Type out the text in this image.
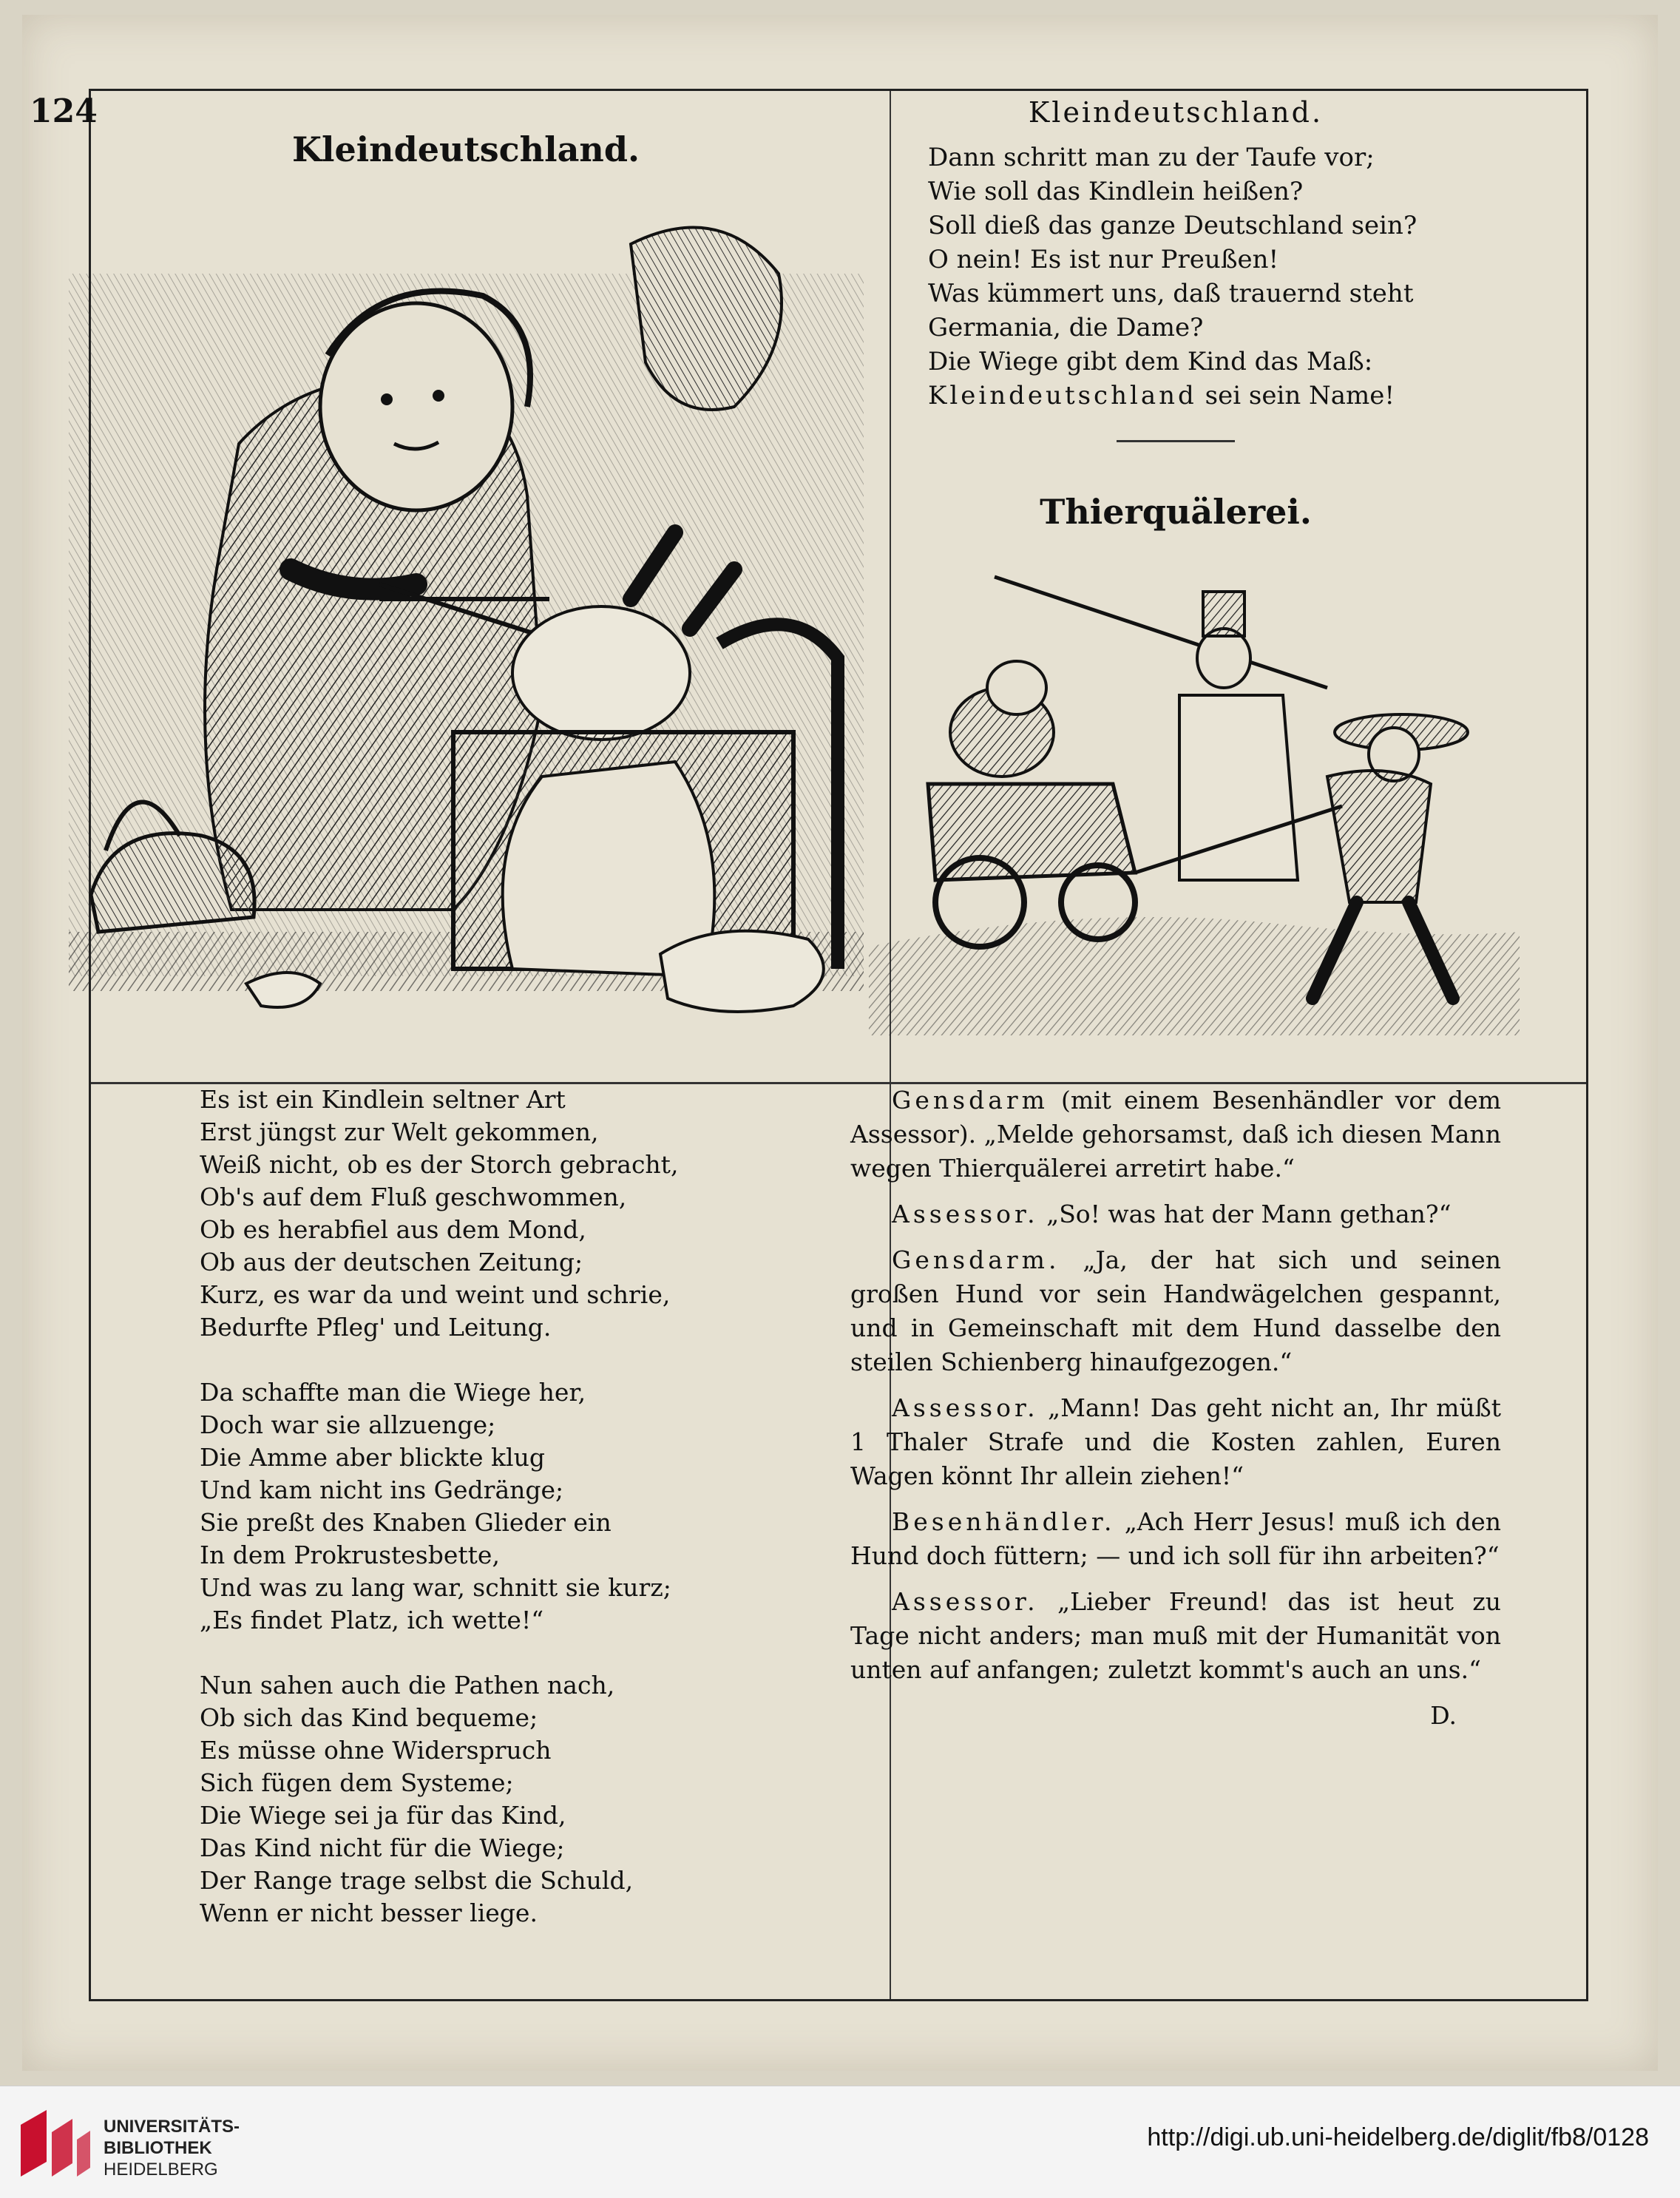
124	Kleindeutschland.
Kleindeutschland.	Dann schritt man zu der Taufe vor;
Wie soll das Kindlein heißen?
Soll dieß das ganze Deutschland sein?
O nein! Es ist nur Preußen!
Was kümmert uns, daß trauernd steht
Germania, die Dame?
Die Wiege gibt dem Kind das Maß:
Kleindeutschland sei sein Name!
Thierquälerei.
Es ist ein Kindlein seltner Art
Erst jüngst zur Welt gekommen,
Weiß nicht, ob es der Storch gebracht,
Ob's auf dem Fluß geschwommen,
Ob es herabfiel aus dem Mond,
Ob aus der deutschen Zeitung;
Kurz, es war da und weint und schrie,
Bedurfte Pfleg' und Leitung.
Da schaffte man die Wiege her,
Doch war sie allzuenge;
Die Amme aber blickte klug
Und kam nicht ins Gedränge;
Sie preßt des Knaben Glieder ein
In dem Prokrustesbette,
Und was zu lang war, schnitt sie kurz;
„Es findet Platz, ich wette!“
Nun sahen auch die Pathen nach,
Ob sich das Kind bequeme;
Es müsse ohne Widerspruch
Sich fügen dem Systeme;
Die Wiege sei ja für das Kind,
Das Kind nicht für die Wiege;
Der Range trage selbst die Schuld,
Wenn er nicht besser liege.

Gensdarm (mit einem Besenhändler vor dem Assessor). „Melde gehorsamst, daß ich diesen Mann wegen Thierquälerei arretirt habe.“

Assessor. „So! was hat der Mann gethan?“

Gensdarm. „Ja, der hat sich und seinen großen Hund vor sein Handwägelchen gespannt, und in Gemeinschaft mit dem Hund dasselbe den steilen Schienberg hinaufgezogen.“

Assessor. „Mann! Das geht nicht an, Ihr müßt 1 Thaler Strafe und die Kosten zahlen, Euren Wagen könnt Ihr allein ziehen!“

Besenhändler. „Ach Herr Jesus! muß ich den Hund doch füttern; — und ich soll für ihn arbeiten?“

Assessor. „Lieber Freund! das ist heut zu Tage nicht anders; man muß mit der Humanität von unten auf anfangen; zuletzt kommt's auch an uns.“

D.
UNIVERSITÄTS-
BIBLIOTHEK
HEIDELBERG
http://digi.ub.uni-heidelberg.de/diglit/fb8/0128
